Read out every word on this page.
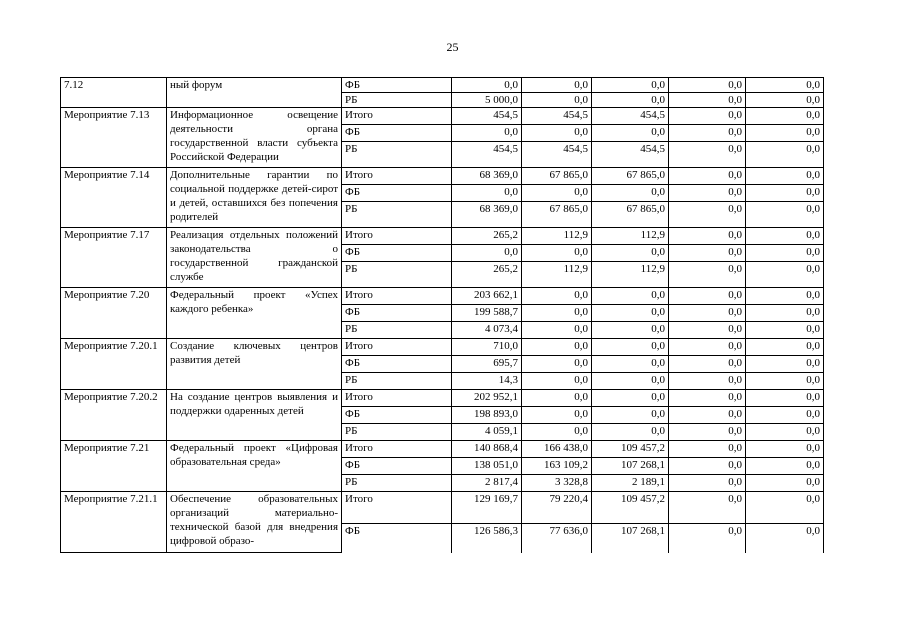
25
7.12	ный форум	ФБ	0,0	0,0	0,0	0,0	0,0
		РБ	5 000,0	0,0	0,0	0,0	0,0
Мероприятие 7.13	Информационное освещение деятельности органа государственной власти субъекта Российской Федерации	Итого	454,5	454,5	454,5	0,0	0,0
		ФБ	0,0	0,0	0,0	0,0	0,0
		РБ	454,5	454,5	454,5	0,0	0,0
Мероприятие 7.14	Дополнительные гарантии по социальной поддержке детей-сирот и детей, оставшихся без попечения родителей	Итого	68 369,0	67 865,0	67 865,0	0,0	0,0
		ФБ	0,0	0,0	0,0	0,0	0,0
		РБ	68 369,0	67 865,0	67 865,0	0,0	0,0
Мероприятие 7.17	Реализация отдельных положений законодательства о государственной гражданской службе	Итого	265,2	112,9	112,9	0,0	0,0
		ФБ	0,0	0,0	0,0	0,0	0,0
		РБ	265,2	112,9	112,9	0,0	0,0
Мероприятие 7.20	Федеральный проект «Успех каждого ребенка»	Итого	203 662,1	0,0	0,0	0,0	0,0
		ФБ	199 588,7	0,0	0,0	0,0	0,0
		РБ	4 073,4	0,0	0,0	0,0	0,0
Мероприятие 7.20.1	Создание ключевых центров развития детей	Итого	710,0	0,0	0,0	0,0	0,0
		ФБ	695,7	0,0	0,0	0,0	0,0
		РБ	14,3	0,0	0,0	0,0	0,0
Мероприятие 7.20.2	На создание центров выявления и поддержки одаренных детей	Итого	202 952,1	0,0	0,0	0,0	0,0
		ФБ	198 893,0	0,0	0,0	0,0	0,0
		РБ	4 059,1	0,0	0,0	0,0	0,0
Мероприятие 7.21	Федеральный проект «Цифровая образовательная среда»	Итого	140 868,4	166 438,0	109 457,2	0,0	0,0
		ФБ	138 051,0	163 109,2	107 268,1	0,0	0,0
		РБ	2 817,4	3 328,8	2 189,1	0,0	0,0
Мероприятие 7.21.1	Обеспечение образовательных организаций материально-технической базой для внедрения цифровой образо-	Итого	129 169,7	79 220,4	109 457,2	0,0	0,0
		ФБ	126 586,3	77 636,0	107 268,1	0,0	0,0
